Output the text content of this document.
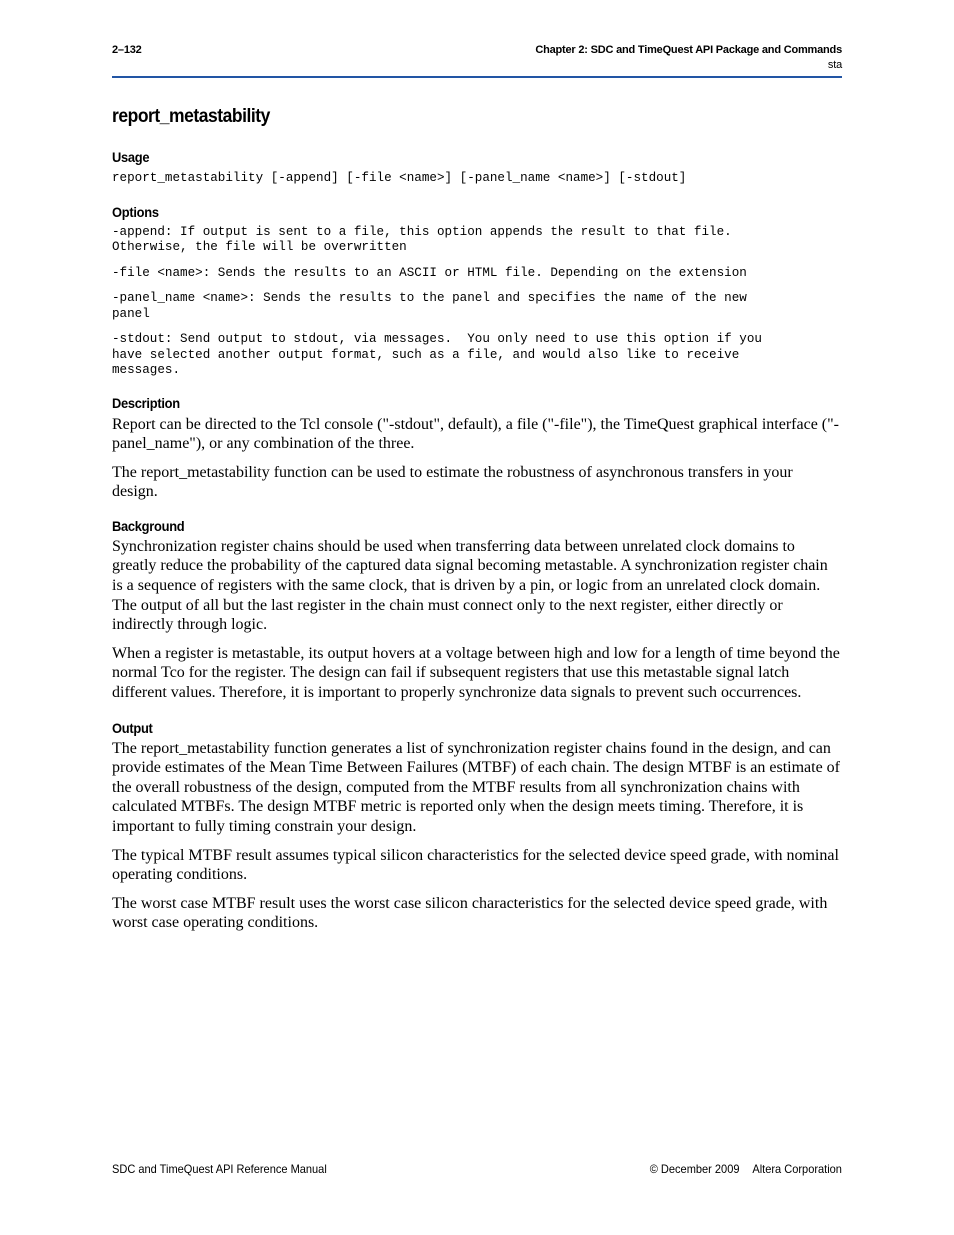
2–132	Chapter 2: SDC and TimeQuest API Package and Commands
sta
report_metastability
Usage
report_metastability [-append] [-file <name>] [-panel_name <name>] [-stdout]
Options
-append: If output is sent to a file, this option appends the result to that file.
Otherwise, the file will be overwritten
-file <name>: Sends the results to an ASCII or HTML file. Depending on the extension
-panel_name <name>: Sends the results to the panel and specifies the name of the new
panel
-stdout: Send output to stdout, via messages.  You only need to use this option if you
have selected another output format, such as a file, and would also like to receive
messages.
Description

Report can be directed to the Tcl console ("-stdout", default), a file ("-file"), the TimeQuest graphical interface ("-panel_name"), or any combination of the three.

The report_metastability function can be used to estimate the robustness of asynchronous transfers in your design.

Background

Synchronization register chains should be used when transferring data between unrelated clock domains to greatly reduce the probability of the captured data signal becoming metastable. A synchronization register chain is a sequence of registers with the same clock, that is driven by a pin, or logic from an unrelated clock domain. The output of all but the last register in the chain must connect only to the next register, either directly or indirectly through logic.

When a register is metastable, its output hovers at a voltage between high and low for a length of time beyond the normal Tco for the register. The design can fail if subsequent registers that use this metastable signal latch different values. Therefore, it is important to properly synchronize data signals to prevent such occurrences.

Output

The report_metastability function generates a list of synchronization register chains found in the design, and can provide estimates of the Mean Time Between Failures (MTBF) of each chain. The design MTBF is an estimate of the overall robustness of the design, computed from the MTBF results from all synchronization chains with calculated MTBFs. The design MTBF metric is reported only when the design meets timing. Therefore, it is important to fully timing constrain your design.

The typical MTBF result assumes typical silicon characteristics for the selected device speed grade, with nominal operating conditions.

The worst case MTBF result uses the worst case silicon characteristics for the selected device speed grade, with worst case operating conditions.

SDC and TimeQuest API Reference Manual	© December 2009 Altera Corporation
